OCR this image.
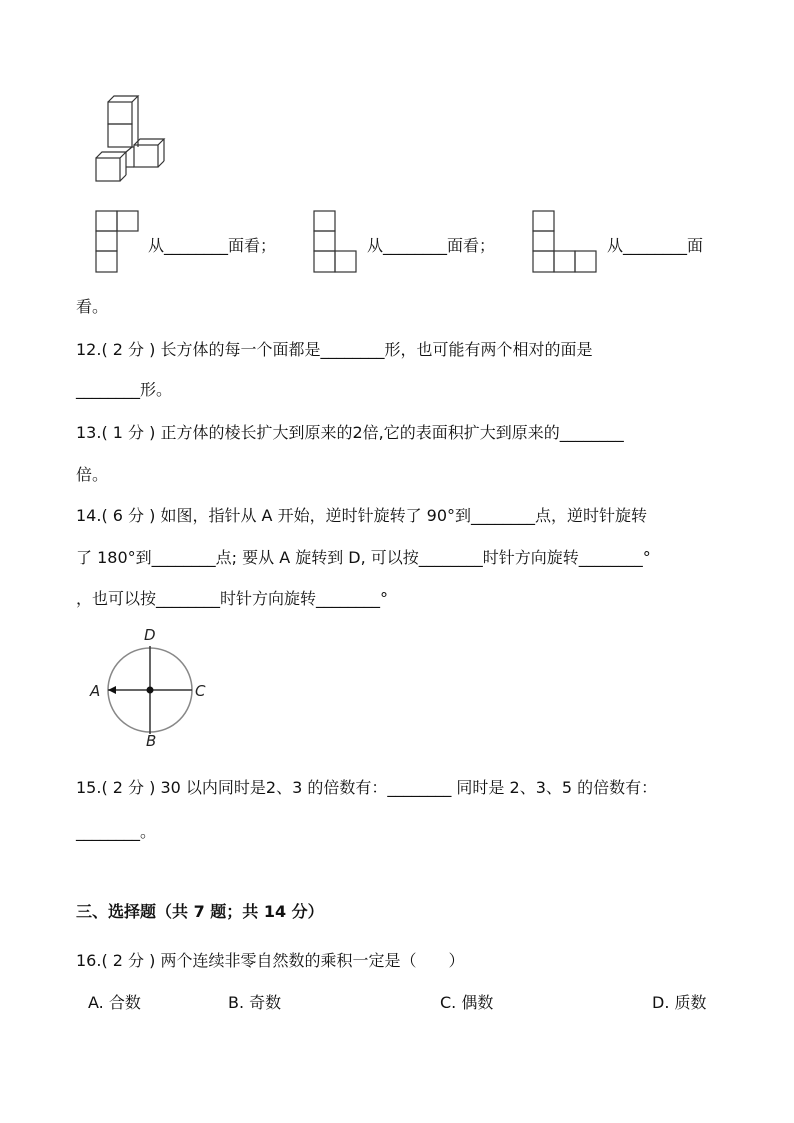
从________面看；	从________面看；	从________面
看。
12.( 2 分 ) 长方体的每一个面都是________形，也可能有两个相对的面是
________形。
13.( 1 分 ) 正方体的棱长扩大到原来的2倍,它的表面积扩大到原来的________
倍。
14.( 6 分 ) 如图，指针从 A 开始，逆时针旋转了 90°到________点，逆时针旋转
了 180°到________点; 要从 A 旋转到 D, 可以按________时针方向旋转________°
，也可以按________时针方向旋转________°
D
A	C
B
15.( 2 分 ) 30 以内同时是2、3 的倍数有：________ 同时是 2、3、5 的倍数有：
________。
三、选择题（共 7 题；共 14 分）
16.( 2 分 ) 两个连续非零自然数的乘积一定是（　　）
A. 合数	B. 奇数	C. 偶数	D. 质数
